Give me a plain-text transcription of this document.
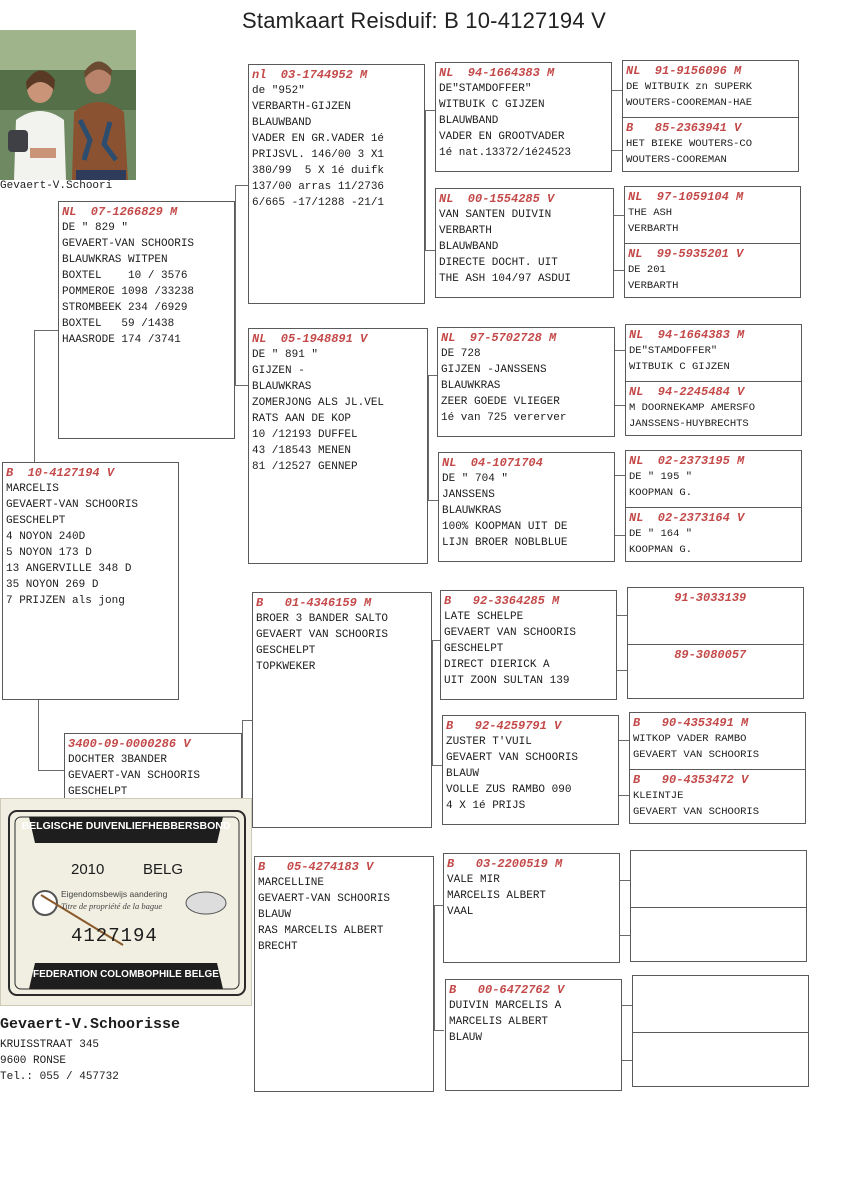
Stamkaart Reisduif: B 10-4127194 V
Gevaert-V.Schoori
B  10-4127194 V
MARCELIS
GEVAERT-VAN SCHOORIS
GESCHELPT
4 NOYON 240D
5 NOYON 173 D
13 ANGERVILLE 348 D
35 NOYON 269 D
7 PRIJZEN als jong
NL  07-1266829 M
DE " 829 "
GEVAERT-VAN SCHOORIS
BLAUWKRAS WITPEN
BOXTEL    10 / 3576
POMMEROE 1098 /33238
STROMBEEK 234 /6929
BOXTEL   59 /1438
HAASRODE 174 /3741
3400-09-0000286 V
DOCHTER 3BANDER
GEVAERT-VAN SCHOORIS
GESCHELPT
nl  03-1744952 M
de "952"
VERBARTH-GIJZEN
BLAUWBAND
VADER EN GR.VADER 1é
PRIJSVL. 146/00 3 X1
380/99  5 X 1é duifk
137/00 arras 11/2736
6/665 -17/1288 -21/1
NL  05-1948891 V
DE " 891 "
GIJZEN -
BLAUWKRAS
ZOMERJONG ALS JL.VEL
RATS AAN DE KOP
10 /12193 DUFFEL
43 /18543 MENEN
81 /12527 GENNEP
B   01-4346159 M
BROER 3 BANDER SALTO
GEVAERT VAN SCHOORIS
GESCHELPT
TOPKWEKER
B   05-4274183 V
MARCELLINE
GEVAERT-VAN SCHOORIS
BLAUW
RAS MARCELIS ALBERT
BRECHT
NL  94-1664383 M
DE"STAMDOFFER"
WITBUIK C GIJZEN
BLAUWBAND
VADER EN GROOTVADER
1é nat.13372/1é24523
NL  00-1554285 V
VAN SANTEN DUIVIN
VERBARTH
BLAUWBAND
DIRECTE DOCHT. UIT
THE ASH 104/97 ASDUI
NL  97-5702728 M
DE 728
GIJZEN -JANSSENS
BLAUWKRAS
ZEER GOEDE VLIEGER
1é van 725 vererver
NL  04-1071704
DE " 704 "
JANSSENS
BLAUWKRAS
100% KOOPMAN UIT DE
LIJN BROER NOBLBLUE
B   92-3364285 M
LATE SCHELPE
GEVAERT VAN SCHOORIS
GESCHELPT
DIRECT DIERICK A
UIT ZOON SULTAN 139
B   92-4259791 V
ZUSTER T'VUIL
GEVAERT VAN SCHOORIS
BLAUW
VOLLE ZUS RAMBO 090
4 X 1é PRIJS
B   03-2200519 M
VALE MIR
MARCELIS ALBERT
VAAL
B   00-6472762 V
DUIVIN MARCELIS A
MARCELIS ALBERT
BLAUW
NL  91-9156096 M
DE WITBUIK zn SUPERK
WOUTERS-COOREMAN-HAE
B   85-2363941 V
HET BIEKE WOUTERS-CO
WOUTERS-COOREMAN
NL  97-1059104 M
THE ASH
VERBARTH
NL  99-5935201 V
DE 201
VERBARTH
NL  94-1664383 M
DE"STAMDOFFER"
WITBUIK C GIJZEN
NL  94-2245484 V
M DOORNEKAMP AMERSFO
JANSSENS-HUYBRECHTS
NL  02-2373195 M
DE " 195 "
KOOPMAN G.
NL  02-2373164 V
DE " 164 "
KOOPMAN G.
91-3033139
89-3080057
B   90-4353491 M
WITKOP VADER RAMBO
GEVAERT VAN SCHOORIS
B   90-4353472 V
KLEINTJE
GEVAERT VAN SCHOORIS
BELGISCHE DUIVENLIEFHEBBERSBOND
2010	BELG
Eigendomsbewijs aandering
Titre de propriété de la bague
4127194
FEDERATION COLOMBOPHILE BELGE
Gevaert-V.Schoorisse
KRUISSTRAAT 345
9600 RONSE
Tel.: 055 / 457732
